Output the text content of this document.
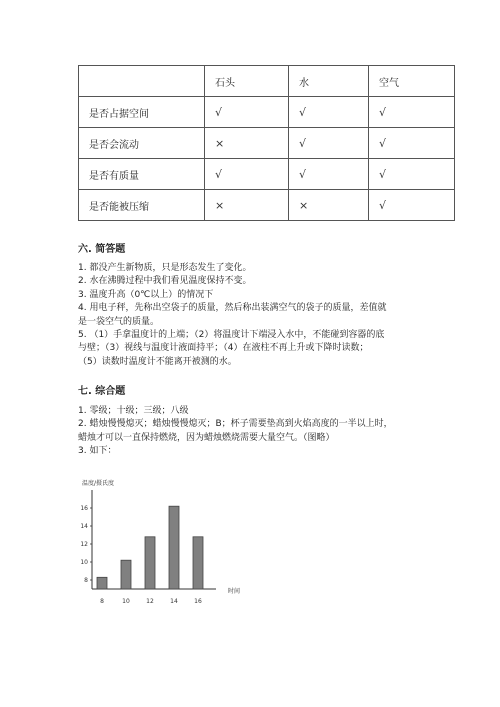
	石头	水	空气
是否占据空间	√	√	√
是否会流动	×	√	√
是否有质量	√	√	√
是否能被压缩	×	×	√
六. 简答题
1. 都没产生新物质，只是形态发生了变化。
2. 水在沸腾过程中我们看见温度保持不变。
3. 温度升高（0℃以上）的情况下
4. 用电子秤，先称出空袋子的质量，然后称出装满空气的袋子的质量，差值就
是一袋空气的质量。
5. （1）手拿温度计的上端；（2）将温度计下端浸入水中，不能碰到容器的底
与壁；（3）视线与温度计液面持平；（4）在液柱不再上升或下降时读数；
（5）读数时温度计不能离开被测的水。
七. 综合题
1. 零级；十级；三级；八级
2. 蜡烛慢慢熄灭；蜡烛慢慢熄灭；B；杯子需要垫高到火焰高度的一半以上时，
蜡烛才可以一直保持燃烧，因为蜡烛燃烧需要大量空气。（图略）
3. 如下：
温度/摄氏度
时间
8
10
12
14
16
8	10	12	14	16
